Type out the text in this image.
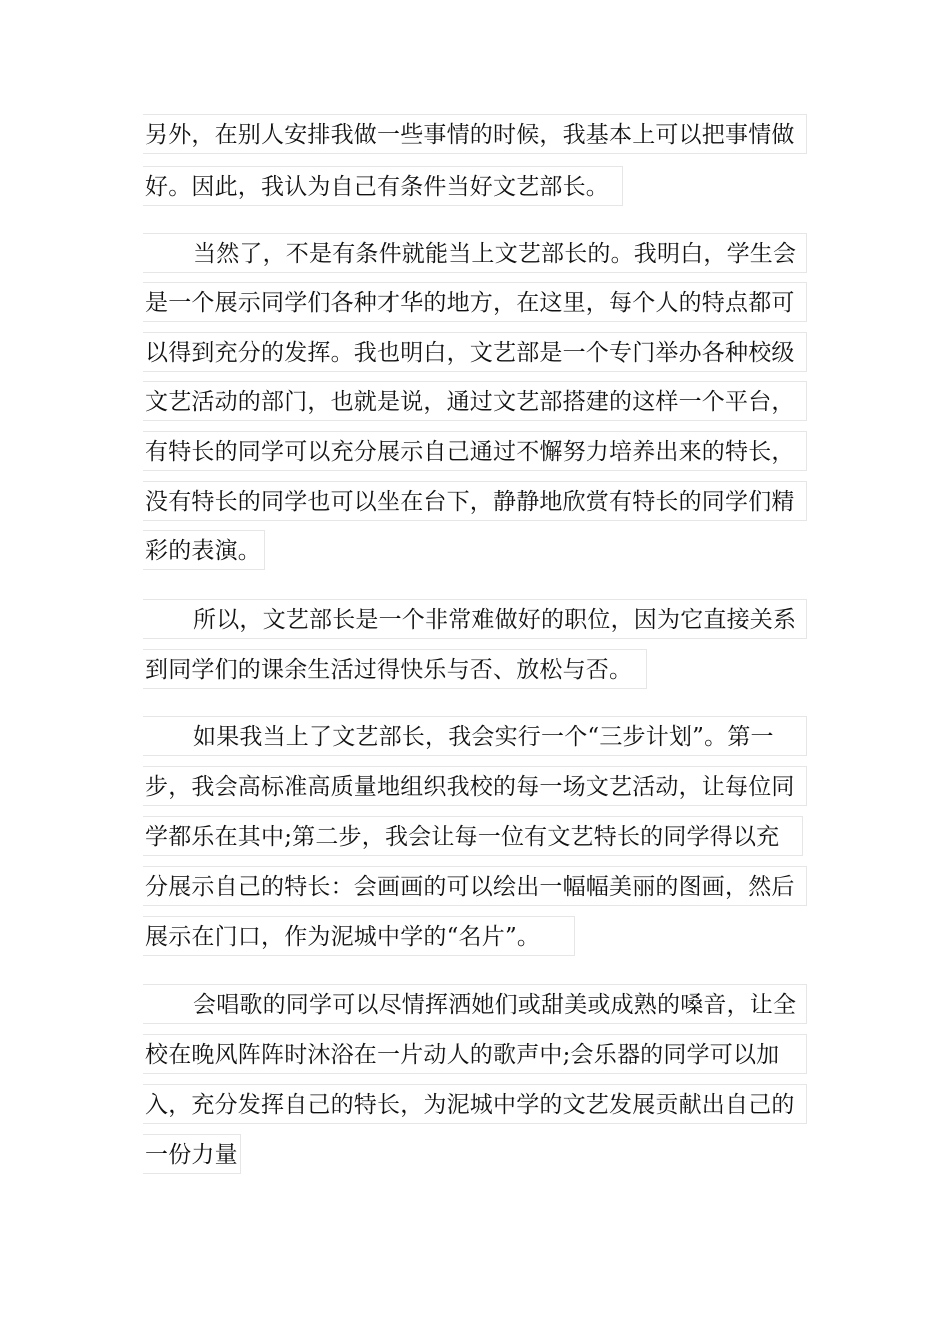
另外，在别人安排我做一些事情的时候，我基本上可以把事情做
好。因此，我认为自己有条件当好文艺部长。
当然了，不是有条件就能当上文艺部长的。我明白，学生会
是一个展示同学们各种才华的地方，在这里，每个人的特点都可
以得到充分的发挥。我也明白，文艺部是一个专门举办各种校级
文艺活动的部门，也就是说，通过文艺部搭建的这样一个平台，
有特长的同学可以充分展示自己通过不懈努力培养出来的特长，
没有特长的同学也可以坐在台下，静静地欣赏有特长的同学们精
彩的表演。
所以，文艺部长是一个非常难做好的职位，因为它直接关系
到同学们的课余生活过得快乐与否、放松与否。
如果我当上了文艺部长，我会实行一个“三步计划”。第一
步，我会高标准高质量地组织我校的每一场文艺活动，让每位同
学都乐在其中;第二步，我会让每一位有文艺特长的同学得以充
分展示自己的特长：会画画的可以绘出一幅幅美丽的图画，然后
展示在门口，作为泥城中学的“名片”。
会唱歌的同学可以尽情挥洒她们或甜美或成熟的嗓音，让全
校在晚风阵阵时沐浴在一片动人的歌声中;会乐器的同学可以加
入，充分发挥自己的特长，为泥城中学的文艺发展贡献出自己的
一份力量
